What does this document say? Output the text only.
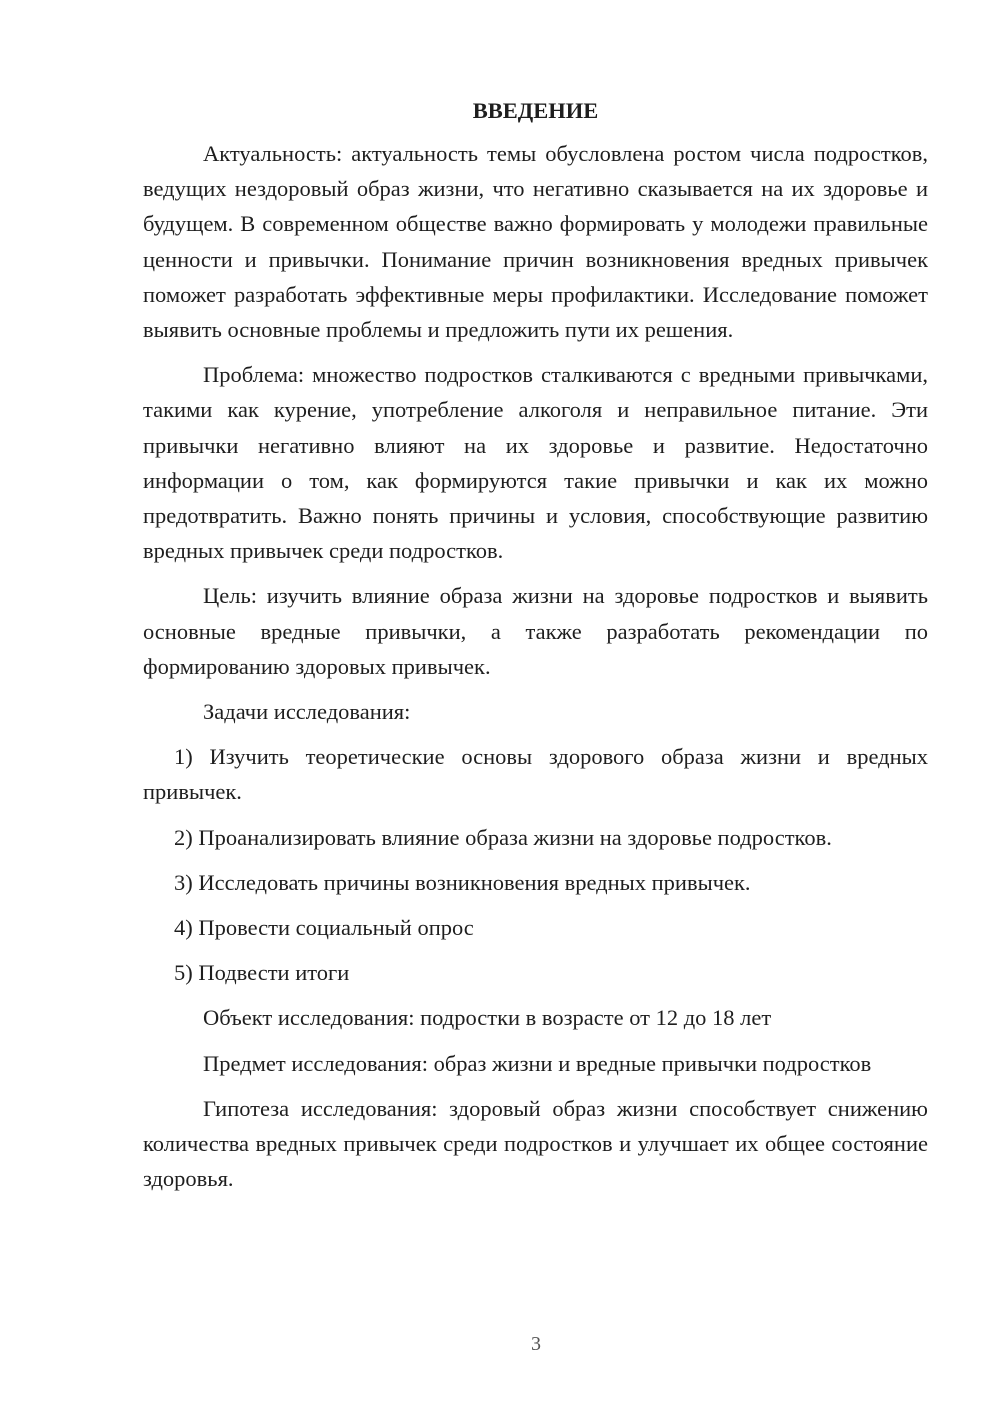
ВВЕДЕНИЕ

Актуальность: актуальность темы обусловлена ростом числа подростков, ведущих нездоровый образ жизни, что негативно сказывается на их здоровье и будущем. В современном обществе важно формировать у молодежи правильные ценности и привычки. Понимание причин возникновения вредных привычек поможет разработать эффективные меры профилактики. Исследование поможет выявить основные проблемы и предложить пути их решения.

Проблема: множество подростков сталкиваются с вредными привычками, такими как курение, употребление алкоголя и неправильное питание. Эти привычки негативно влияют на их здоровье и развитие. Недостаточно информации о том, как формируются такие привычки и как их можно предотвратить. Важно понять причины и условия, способствующие развитию вредных привычек среди подростков.

Цель: изучить влияние образа жизни на здоровье подростков и выявить основные вредные привычки, а также разработать рекомендации по формированию здоровых привычек.

Задачи исследования:

1) Изучить теоретические основы здорового образа жизни и вредных привычек.

2) Проанализировать влияние образа жизни на здоровье подростков.

3) Исследовать причины возникновения вредных привычек.

4) Провести социальный опрос

5) Подвести итоги

Объект исследования: подростки в возрасте от 12 до 18 лет

Предмет исследования: образ жизни и вредные привычки подростков

Гипотеза исследования: здоровый образ жизни способствует снижению количества вредных привычек среди подростков и улучшает их общее состояние здоровья.

3
